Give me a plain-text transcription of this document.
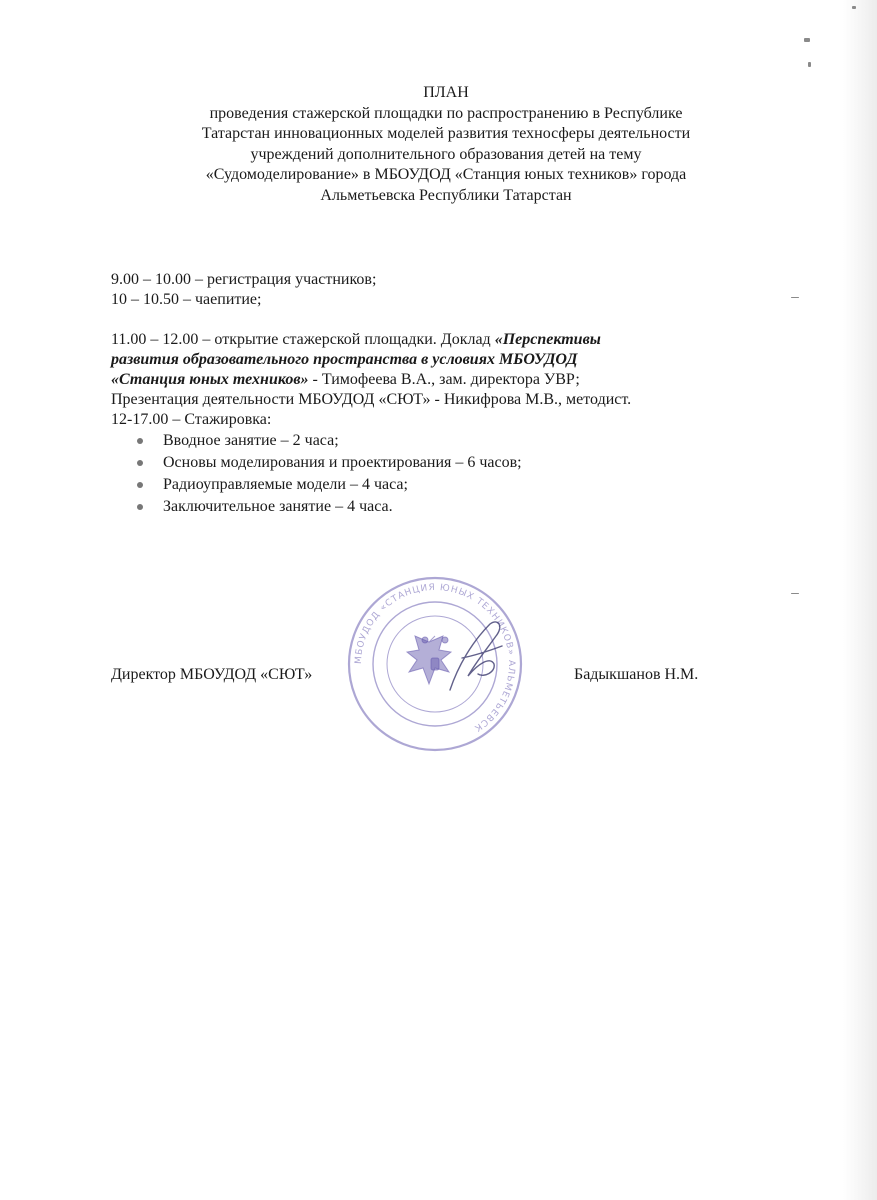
ПЛАН
проведения стажерской площадки по распространению в Республике
Татарстан инновационных моделей развития техносферы деятельности
учреждений дополнительного образования детей на тему
«Судомоделирование» в МБОУДОД «Станция юных техников» города
Альметьевска Республики Татарстан
9.00 – 10.00 – регистрация участников;
10 – 10.50 – чаепитие;
11.00 – 12.00 – открытие стажерской площадки. Доклад «Перспективы
развития образовательного пространства в условиях МБОУДОД
«Станция юных техников» - Тимофеева В.А., зам. директора УВР;
Презентация деятельности МБОУДОД «СЮТ» - Никифрова М.В., методист.
12-17.00 – Стажировка:
Вводное занятие – 2 часа;
Основы моделирования и проектирования – 6 часов;
Радиоуправляемые модели – 4 часа;
Заключительное занятие – 4 часа.
МБОУДОД «СТАНЦИЯ ЮНЫХ ТЕХНИКОВ» АЛЬМЕТЬЕВСК
Директор МБОУДОД «СЮТ»	Бадыкшанов Н.М.
